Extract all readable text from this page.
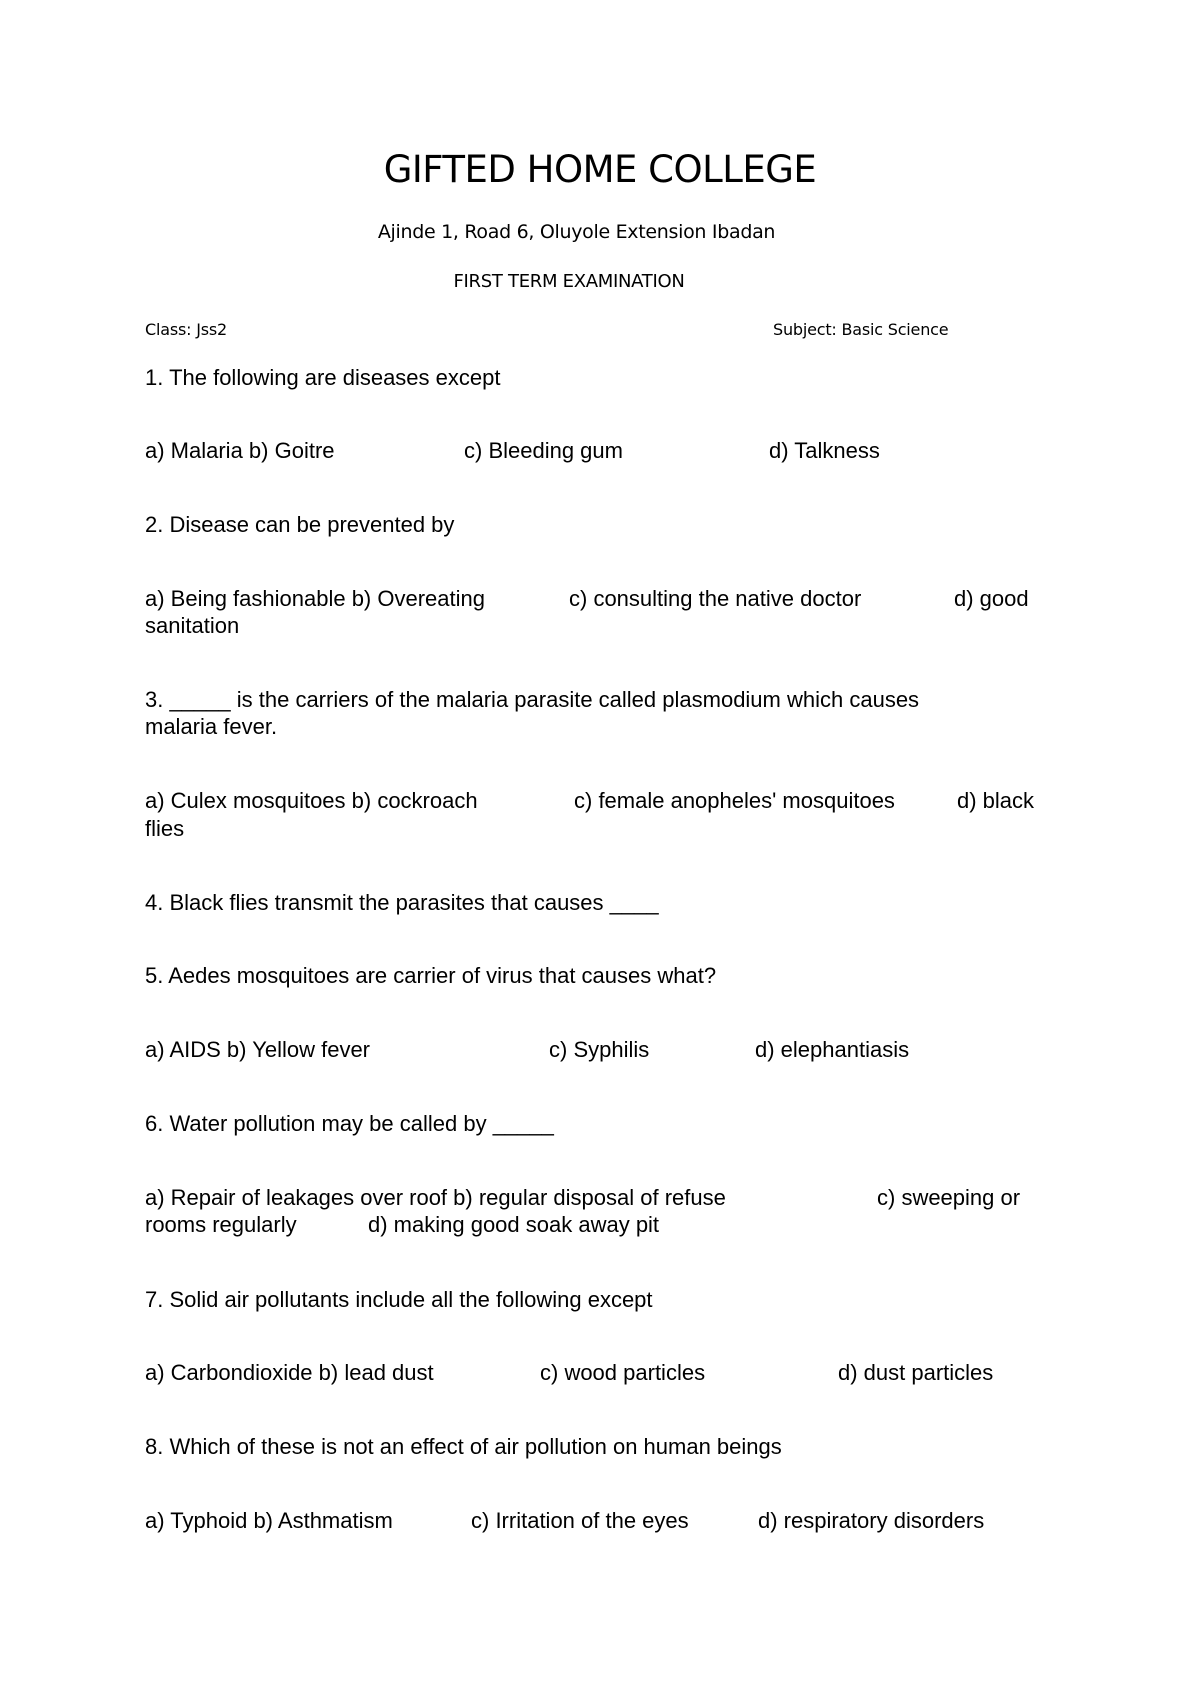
GIFTED HOME COLLEGE
Ajinde 1, Road 6, Oluyole Extension Ibadan
FIRST TERM EXAMINATION
Class: Jss2	Subject: Basic Science
1. The following are diseases except
a) Malaria b) Goitre	c) Bleeding gum	d) Talkness
2. Disease can be prevented by
a) Being fashionable b) Overeating	c) consulting the native doctor	d) good
sanitation
3. _____ is the carriers of the malaria parasite called plasmodium which causes
malaria fever.
a) Culex mosquitoes b) cockroach	c) female anopheles' mosquitoes	d) black
flies
4. Black flies transmit the parasites that causes ____
5. Aedes mosquitoes are carrier of virus that causes what?
a) AIDS b) Yellow fever	c) Syphilis	d) elephantiasis
6. Water pollution may be called by _____
a) Repair of leakages over roof b) regular disposal of refuse	c) sweeping or
rooms regularly	d) making good soak away pit
7. Solid air pollutants include all the following except
a) Carbondioxide b) lead dust	c) wood particles	d) dust particles
8. Which of these is not an effect of air pollution on human beings
a) Typhoid b) Asthmatism	c) Irritation of the eyes	d) respiratory disorders
